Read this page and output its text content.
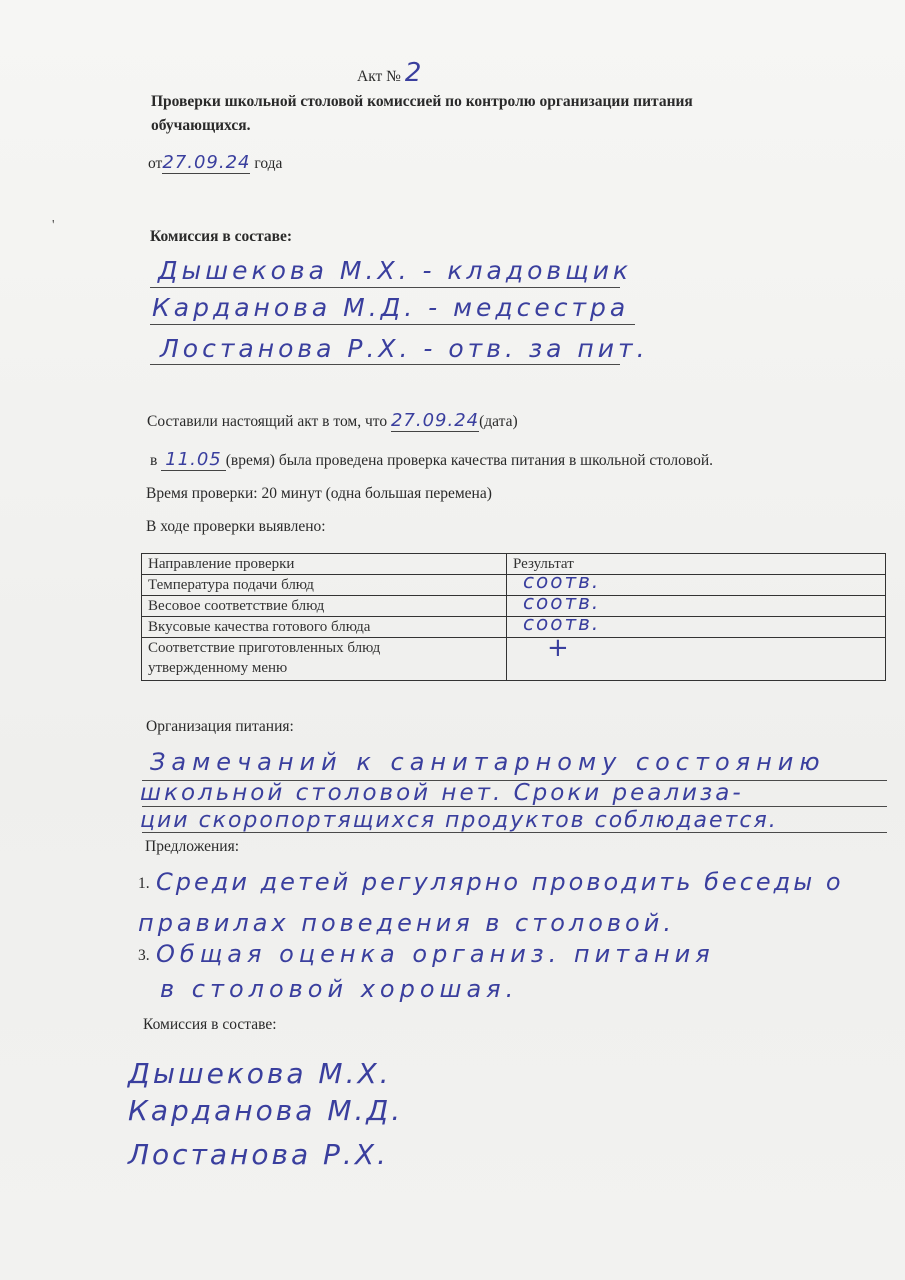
Акт № 2
Проверки школьной столовой комиссией по контролю организации питания
обучающихся.
от27.09.24 года
'
Комиссия в составе:
Дышекова М.Х. - кладовщик
Карданова М.Д. - медсестра
Лостанова Р.Х. - отв. за пит.
Составили настоящий акт в том, что 27.09.24(дата)
в 11.05 (время) была проведена проверка качества питания в школьной столовой.
Время проверки: 20 минут (одна большая перемена)
В ходе проверки выявлено:
Направление проверки	Результат
Температура подачи блюд	соотв.

Весовое соответствие блюд	соотв.

Вкусовые качества готового блюда	соотв.

Соответствие приготовленных блюд
утвержденному меню	+
Организация питания:
Замечаний к санитарному состоянию
школьной столовой нет. Сроки реализа-
ции скоропортящихся продуктов соблюдается.
Предложения:
1. Среди детей регулярно проводить беседы о
правилах поведения в столовой.
3. Общая оценка организ. питания
в столовой хорошая.
Комиссия в составе:
Дышекова М.Х.
Карданова М.Д.
Лостанова Р.Х.
